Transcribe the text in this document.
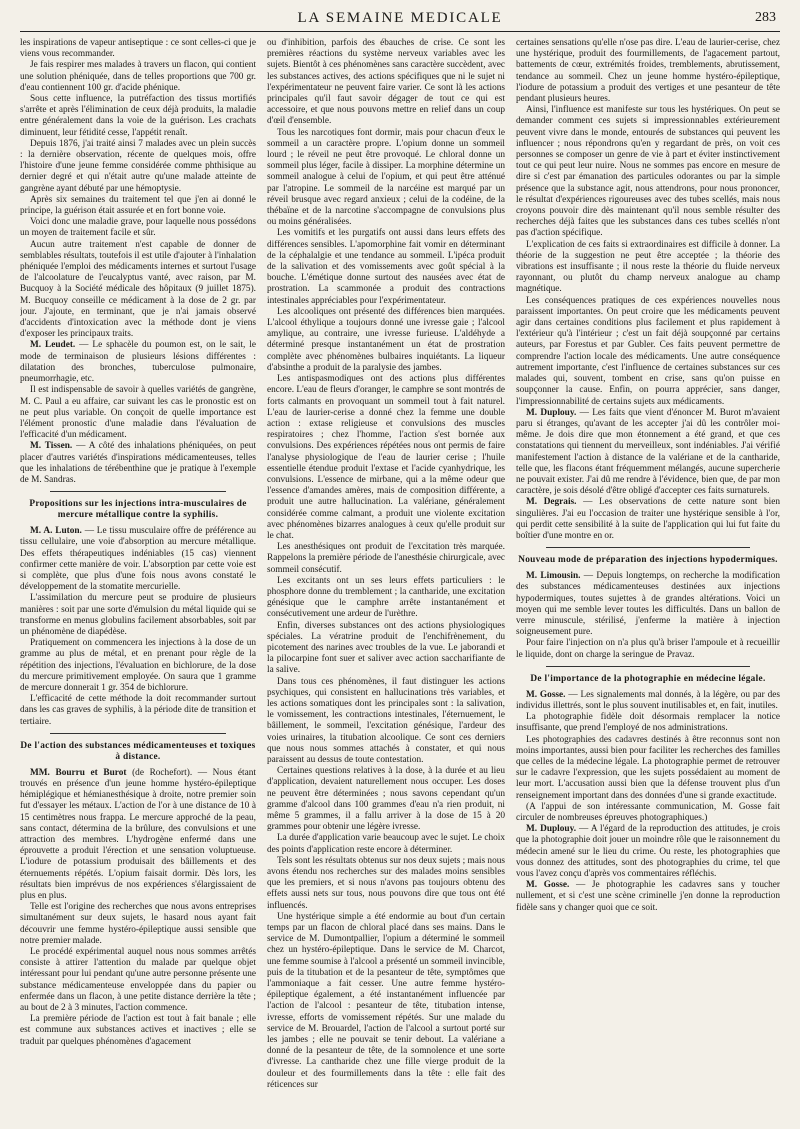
LA SEMAINE MEDICALE	283

les inspirations de vapeur antiseptique : ce sont celles-ci que je viens vous recommander.

Je fais respirer mes malades à travers un flacon, qui contient une solution phéniquée, dans de telles proportions que 700 gr. d'eau contiennent 100 gr. d'acide phénique.

Sous cette influence, la putréfaction des tissus mortifiés s'arrête et après l'élimination de ceux déjà produits, la maladie entre généralement dans la voie de la guérison. Les crachats diminuent, leur fétidité cesse, l'appétit renaît.

Depuis 1876, j'ai traité ainsi 7 malades avec un plein succès : la dernière observation, récente de quelques mois, offre l'histoire d'une jeune femme considérée comme phthisique au dernier degré et qui n'était autre qu'une malade atteinte de gangrène ayant débuté par une hémoptysie.

Après six semaines du traitement tel que j'en ai donné le principe, la guérison était assurée et en fort bonne voie.

Voici donc une maladie grave, pour laquelle nous possédons un moyen de traitement facile et sûr.

Aucun autre traitement n'est capable de donner de semblables résultats, toutefois il est utile d'ajouter à l'inhalation phéniquée l'emploi des médicaments internes et surtout l'usage de l'alcoolature de l'eucalyptus vanté, avec raison, par M. Bucquoy à la Société médicale des hôpitaux (9 juillet 1875). M. Bucquoy conseille ce médicament à la dose de 2 gr. par jour. J'ajoute, en terminant, que je n'ai jamais observé d'accidents d'intoxication avec la méthode dont je viens d'exposer les principaux traits.

M. Leudet. — Le sphacèle du poumon est, on le sait, le mode de terminaison de plusieurs lésions différentes : dilatation des bronches, tuberculose pulmonaire, pneumorrhagie, etc.

Il est indispensable de savoir à quelles variétés de gangrène, M. C. Paul a eu affaire, car suivant les cas le pronostic est on ne peut plus variable. On conçoit de quelle importance est l'élément pronostic d'une maladie dans l'évaluation de l'efficacité d'un médicament.

M. Tissen. — A côté des inhalations phéniquées, on peut placer d'autres variétés d'inspirations médicamenteuses, telles que les inhalations de térébenthine que je pratique à l'exemple de M. Sandras.

Propositions sur les injections intra-musculaires de mercure métallique contre la syphilis.

M. A. Luton. — Le tissu musculaire offre de préférence au tissu cellulaire, une voie d'absorption au mercure métallique. Des effets thérapeutiques indéniables (15 cas) viennent confirmer cette manière de voir. L'absorption par cette voie est si complète, que plus d'une fois nous avons constaté le développement de la stomatite mercurielle.

L'assimilation du mercure peut se produire de plusieurs manières : soit par une sorte d'émulsion du métal liquide qui se transforme en menus globulins facilement absorbables, soit par un phénomène de diapédèse.

Pratiquement on commencera les injections à la dose de un gramme au plus de métal, et en prenant pour règle de la répétition des injections, l'évaluation en bichlorure, de la dose du mercure primitivement employée. On saura que 1 gramme de mercure donnerait 1 gr. 354 de bichlorure.

L'efficacité de cette méthode la doit recommander surtout dans les cas graves de syphilis, à la période dite de transition et tertiaire.

De l'action des substances médicamenteuses et toxiques à distance.

MM. Bourru et Burot (de Rochefort). — Nous étant trouvés en présence d'un jeune homme hystéro-épileptique hémiplégique et hémianesthésique à droite, notre premier soin fut d'essayer les métaux. L'action de l'or à une distance de 10 à 15 centimètres nous frappa. Le mercure approché de la peau, sans contact, détermina de la brûlure, des convulsions et une attraction des membres. L'hydrogène enfermé dans une éprouvette a produit l'érection et une sensation voluptueuse. L'iodure de potassium produisait des bâillements et des éternuements répétés. L'opium faisait dormir. Dès lors, les résultats bien imprévus de nos expériences s'élargissaient de plus en plus.

Telle est l'origine des recherches que nous avons entreprises simultanément sur deux sujets, le hasard nous ayant fait découvrir une femme hystéro-épileptique aussi sensible que notre premier malade.

Le procédé expérimental auquel nous nous sommes arrêtés consiste à attirer l'attention du malade par quelque objet intéressant pour lui pendant qu'une autre personne présente une substance médicamenteuse enveloppée dans du papier ou enfermée dans un flacon, à une petite distance derrière la tête ; au bout de 2 à 3 minutes, l'action commence.

La première période de l'action est tout à fait banale ; elle est commune aux substances actives et inactives ; elle se traduit par quelques phénomènes d'agacement

ou d'inhibition, parfois des ébauches de crise. Ce sont les premières réactions du système nerveux variables avec les sujets. Bientôt à ces phénomènes sans caractère succèdent, avec les substances actives, des actions spécifiques que ni le sujet ni l'expérimentateur ne peuvent faire varier. Ce sont là les actions principales qu'il faut savoir dégager de tout ce qui est accessoire, et que nous pouvons mettre en relief dans un coup d'œil d'ensemble.

Tous les narcotiques font dormir, mais pour chacun d'eux le sommeil a un caractère propre. L'opium donne un sommeil lourd ; le réveil ne peut être provoqué. Le chloral donne un sommeil plus léger, facile à dissiper. La morphine détermine un sommeil analogue à celui de l'opium, et qui peut être atténué par l'atropine. Le sommeil de la narcéine est marqué par un réveil brusque avec regard anxieux ; celui de la codéine, de la thébaïne et de la narcotine s'accompagne de convulsions plus ou moins généralisées.

Les vomitifs et les purgatifs ont aussi dans leurs effets des différences sensibles. L'apomorphine fait vomir en déterminant de la céphalalgie et une tendance au sommeil. L'ipéca produit de la salivation et des vomissements avec goût spécial à la bouche. L'émétique donne surtout des nausées avec état de prostration. La scammonée a produit des contractions intestinales appréciables pour l'expérimentateur.

Les alcooliques ont présenté des différences bien marquées. L'alcool éthylique a toujours donné une ivresse gaie ; l'alcool amylique, au contraire, une ivresse furieuse. L'aldéhyde a déterminé presque instantanément un état de prostration complète avec phénomènes bulbaires inquiétants. La liqueur d'absinthe a produit de la paralysie des jambes.

Les antispasmodiques ont des actions plus différentes encore. L'eau de fleurs d'oranger, le camphre se sont montrés de forts calmants en provoquant un sommeil tout à fait naturel. L'eau de laurier-cerise a donné chez la femme une double action : extase religieuse et convulsions des muscles respiratoires ; chez l'homme, l'action s'est bornée aux convulsions. Des expériences répétées nous ont permis de faire l'analyse physiologique de l'eau de laurier cerise ; l'huile essentielle étendue produit l'extase et l'acide cyanhydrique, les convulsions. L'essence de mirbane, qui a la même odeur que l'essence d'amandes amères, mais de composition différente, a produit une autre hallucination. La valériane, généralement considérée comme calmant, a produit une violente excitation avec phénomènes bizarres analogues à ceux qu'elle produit sur le chat.

Les anesthésiques ont produit de l'excitation très marquée. Rappelons la première période de l'anesthésie chirurgicale, avec sommeil consécutif.

Les excitants ont un ses leurs effets particuliers : le phosphore donne du tremblement ; la cantharide, une excitation génésique que le camphre arrête instantanément et consécutivement une ardeur de l'urèthre.

Enfin, diverses substances ont des actions physiologiques spéciales. La vératrine produit de l'enchifrènement, du picotement des narines avec troubles de la vue. Le jaborandi et la pilocarpine font suer et saliver avec action saccharifiante de la salive.

Dans tous ces phénomènes, il faut distinguer les actions psychiques, qui consistent en hallucinations très variables, et les actions somatiques dont les principales sont : la salivation, le vomissement, les contractions intestinales, l'éternuement, le bâillement, le sommeil, l'excitation génésique, l'ardeur des voies urinaires, la titubation alcoolique. Ce sont ces derniers que nous nous sommes attachés à constater, et qui nous paraissent au dessus de toute contestation.

Certaines questions relatives à la dose, à la durée et au lieu d'application, devaient naturellement nous occuper. Les doses ne peuvent être déterminées ; nous savons cependant qu'un gramme d'alcool dans 100 grammes d'eau n'a rien produit, ni même 5 grammes, il a fallu arriver à la dose de 15 à 20 grammes pour obtenir une légère ivresse.

La durée d'application varie beaucoup avec le sujet. Le choix des points d'application reste encore à déterminer.

Tels sont les résultats obtenus sur nos deux sujets ; mais nous avons étendu nos recherches sur des malades moins sensibles que les premiers, et si nous n'avons pas toujours obtenu des effets aussi nets sur tous, nous pouvons dire que tous ont été influencés.

Une hystérique simple a été endormie au bout d'un certain temps par un flacon de chloral placé dans ses mains. Dans le service de M. Dumontpallier, l'opium a déterminé le sommeil chez un hystéro-épileptique. Dans le service de M. Charcot, une femme soumise à l'alcool a présenté un sommeil invincible, puis de la titubation et de la pesanteur de tête, symptômes que l'ammoniaque a fait cesser. Une autre femme hystéro-épileptique également, a été instantanément influencée par l'action de l'alcool : pesanteur de tête, titubation intense, ivresse, efforts de vomissement répétés. Sur une malade du service de M. Brouardel, l'action de l'alcool a surtout porté sur les jambes ; elle ne pouvait se tenir debout. La valériane a donné de la pesanteur de tête, de la somnolence et une sorte d'ivresse. La cantharide chez une fille vierge produit de la douleur et des fourmillements dans la tête : elle fait des réticences sur

certaines sensations qu'elle n'ose pas dire. L'eau de laurier-cerise, chez une hystérique, produit des fourmillements, de l'agacement partout, battements de cœur, extrémités froides, tremblements, abrutissement, tendance au sommeil. Chez un jeune homme hystéro-épileptique, l'iodure de potassium a produit des vertiges et une pesanteur de tête pendant plusieurs heures.

Ainsi, l'influence est manifeste sur tous les hystériques. On peut se demander comment ces sujets si impressionnables extérieurement peuvent vivre dans le monde, entourés de substances qui peuvent les influencer ; nous répondrons qu'en y regardant de près, on voit ces personnes se composer un genre de vie à part et éviter instinctivement tout ce qui peut leur nuire. Nous ne sommes pas encore en mesure de dire si c'est par émanation des particules odorantes ou par la simple présence que la substance agit, nous attendrons, pour nous prononcer, le résultat d'expériences rigoureuses avec des tubes scellés, mais nous croyons pouvoir dire dès maintenant qu'il nous semble résulter des recherches déjà faites que les substances dans ces tubes scellés n'ont pas d'action spécifique.

L'explication de ces faits si extraordinaires est difficile à donner. La théorie de la suggestion ne peut être acceptée ; la théorie des vibrations est insuffisante ; il nous reste la théorie du fluide nerveux rayonnant, ou plutôt du champ nerveux analogue au champ magnétique.

Les conséquences pratiques de ces expériences nouvelles nous paraissent importantes. On peut croire que les médicaments peuvent agir dans certaines conditions plus facilement et plus rapidement à l'extérieur qu'à l'intérieur ; c'est un fait déjà soupçonné par certains auteurs, par Forestus et par Gubler. Ces faits peuvent permettre de comprendre l'action locale des médicaments. Une autre conséquence autrement importante, c'est l'influence de certaines substances sur ces malades qui, souvent, tombent en crise, sans qu'on puisse en soupçonner la cause. Enfin, on pourra apprécier, sans danger, l'impressionnabilité de certains sujets aux médicaments.

M. Duplouy. — Les faits que vient d'énoncer M. Burot m'avaient paru si étranges, qu'avant de les accepter j'ai dû les contrôler moi-même. Je dois dire que mon étonnement a été grand, et que ces constatations qui tiennent du merveilleux, sont indéniables. J'ai vérifié manifestement l'action à distance de la valériane et de la cantharide, telle que, les flacons étant fréquemment mélangés, aucune supercherie ne pouvait exister. J'ai dû me rendre à l'évidence, bien que, de par mon caractère, je sois désolé d'être obligé d'accepter ces faits surnaturels.

M. Degrais. — Les observations de cette nature sont bien singulières. J'ai eu l'occasion de traiter une hystérique sensible à l'or, qui perdit cette sensibilité à la suite de l'application qui lui fut faite du boîtier d'une montre en or.

Nouveau mode de préparation des injections hypodermiques.

M. Limousin. — Depuis longtemps, on recherche la modification des substances médicamenteuses destinées aux injections hypodermiques, toutes sujettes à de grandes altérations. Voici un moyen qui me semble lever toutes les difficultés. Dans un ballon de verre minuscule, stérilisé, j'enferme la matière à injection soigneusement pure.

Pour faire l'injection on n'a plus qu'à briser l'ampoule et à recueillir le liquide, dont on charge la seringue de Pravaz.

De l'importance de la photographie en médecine légale.

M. Gosse. — Les signalements mal donnés, à la légère, ou par des individus illettrés, sont le plus souvent inutilisables et, en fait, inutiles.

La photographie fidèle doit désormais remplacer la notice insuffisante, que prend l'employé de nos administrations.

Les photographies des cadavres destinés à être reconnus sont non moins importantes, aussi bien pour faciliter les recherches des familles que celles de la médecine légale. La photographie permet de retrouver sur le cadavre l'expression, que les sujets possédaient au moment de leur mort. L'accusation aussi bien que la défense trouvent plus d'un renseignement important dans des données d'une si grande exactitude.

(A l'appui de son intéressante communication, M. Gosse fait circuler de nombreuses épreuves photographiques.)

M. Duplouy. — A l'égard de la reproduction des attitudes, je crois que la photographie doit jouer un moindre rôle que le raisonnement du médecin amené sur le lieu du crime. Ou reste, les photographies que vous donnez des attitudes, sont des photographies du crime, tel que vous l'avez conçu d'après vos commentaires réfléchis.

M. Gosse. — Je photographie les cadavres sans y toucher nullement, et si c'est une scène criminelle j'en donne la reproduction fidèle sans y changer quoi que ce soit.
